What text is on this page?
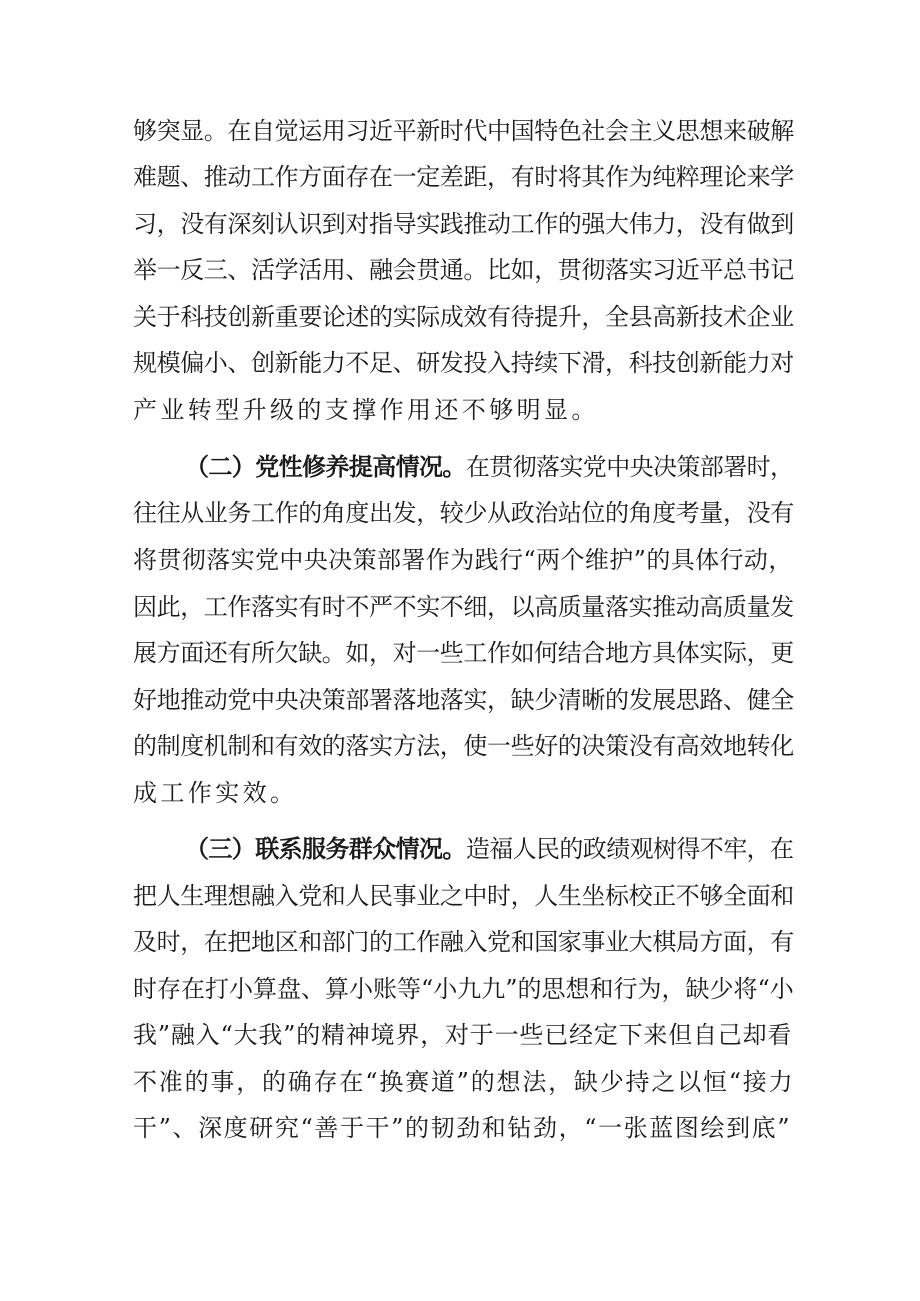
够突显。在自觉运用习近平新时代中国特色社会主义思想来破解
难题、推动工作方面存在一定差距，有时将其作为纯粹理论来学
习，没有深刻认识到对指导实践推动工作的强大伟力，没有做到
举一反三、活学活用、融会贯通。比如，贯彻落实习近平总书记
关于科技创新重要论述的实际成效有待提升，全县高新技术企业
规模偏小、创新能力不足、研发投入持续下滑，科技创新能力对
产业转型升级的支撑作用还不够明显。
（二）党性修养提高情况。在贯彻落实党中央决策部署时，
往往从业务工作的角度出发，较少从政治站位的角度考量，没有
将贯彻落实党中央决策部署作为践行“两个维护”的具体行动，
因此，工作落实有时不严不实不细，以高质量落实推动高质量发
展方面还有所欠缺。如，对一些工作如何结合地方具体实际，更
好地推动党中央决策部署落地落实，缺少清晰的发展思路、健全
的制度机制和有效的落实方法，使一些好的决策没有高效地转化
成工作实效。
（三）联系服务群众情况。造福人民的政绩观树得不牢，在
把人生理想融入党和人民事业之中时，人生坐标校正不够全面和
及时，在把地区和部门的工作融入党和国家事业大棋局方面，有
时存在打小算盘、算小账等“小九九”的思想和行为，缺少将“小
我”融入“大我”的精神境界，对于一些已经定下来但自己却看
不准的事，的确存在“换赛道”的想法，缺少持之以恒“接力
干”、深度研究“善于干”的韧劲和钻劲，“一张蓝图绘到底”
